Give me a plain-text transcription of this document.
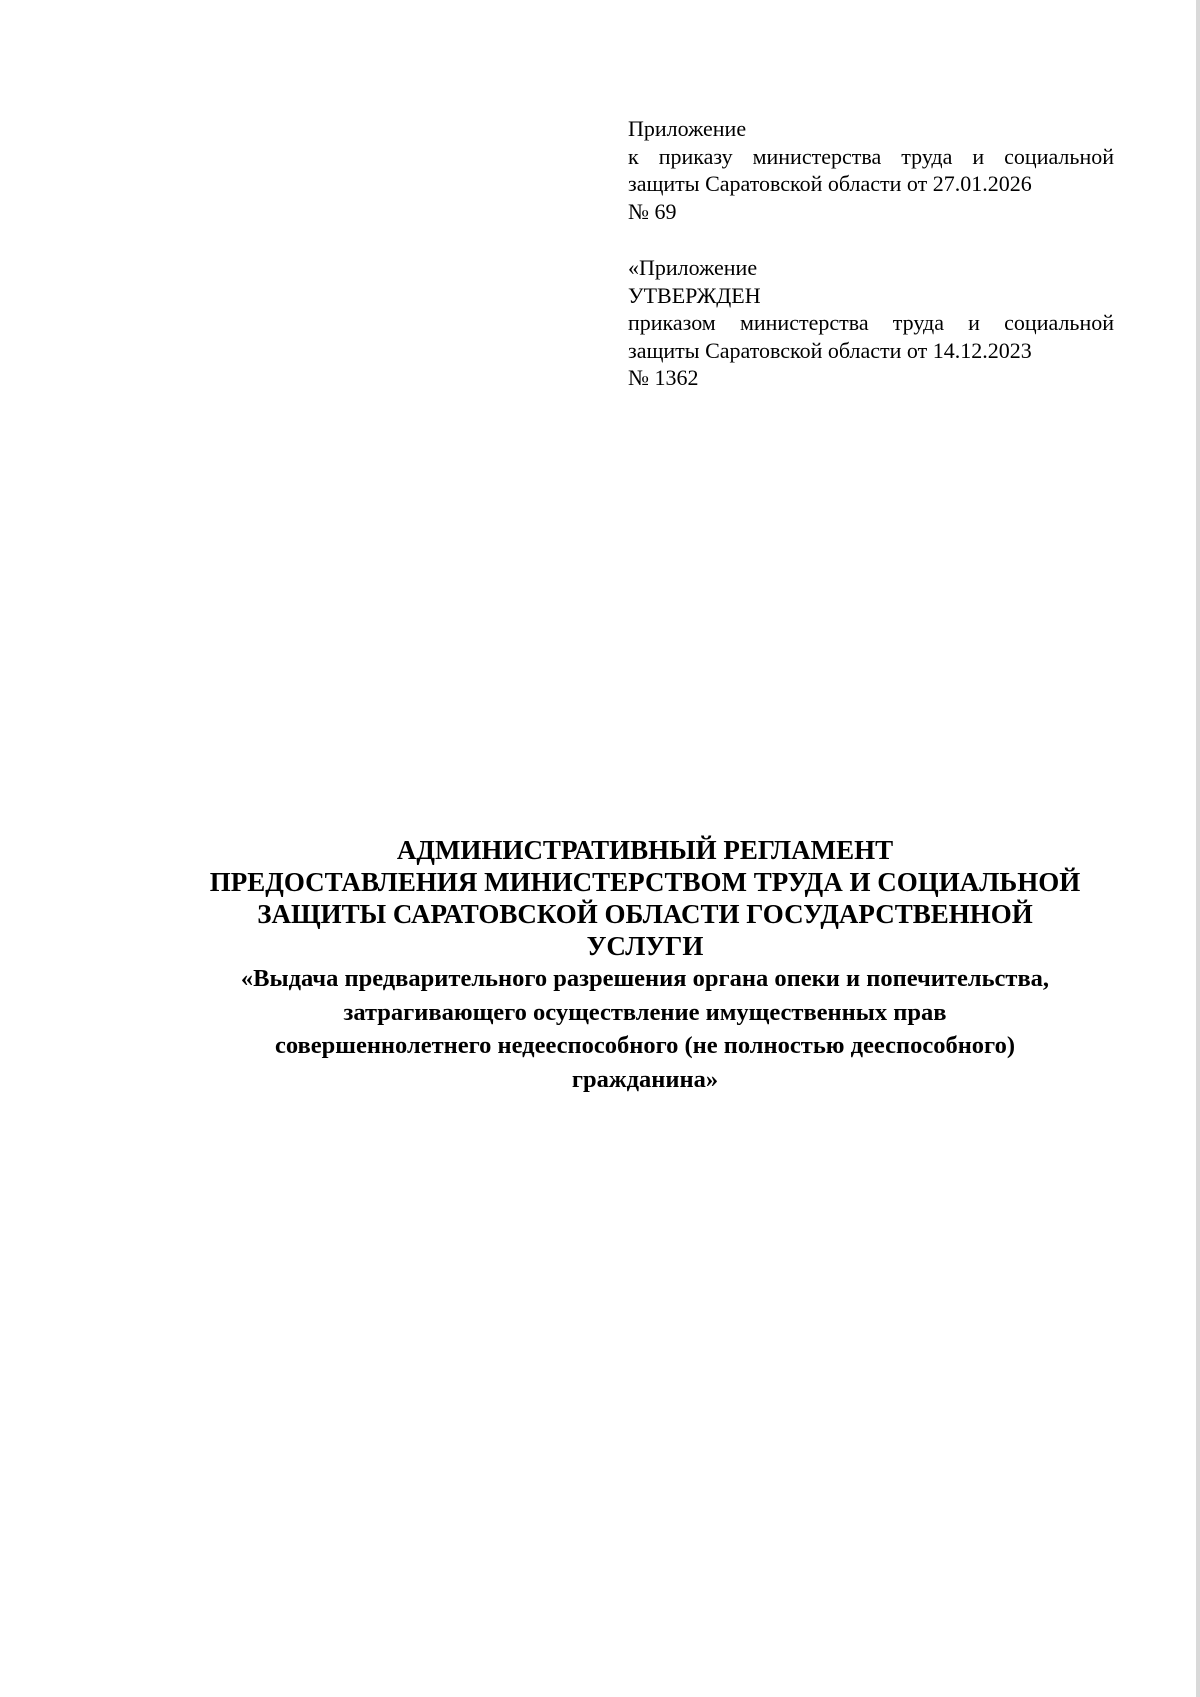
Приложение

к приказу министерства труда и социальной защиты Саратовской области от 27.01.2026

№ 69

«Приложение

УТВЕРЖДЕН

приказом министерства труда и социальной защиты Саратовской области от 14.12.2023

№ 1362

АДМИНИСТРАТИВНЫЙ РЕГЛАМЕНТ
ПРЕДОСТАВЛЕНИЯ МИНИСТЕРСТВОМ ТРУДА И СОЦИАЛЬНОЙ
ЗАЩИТЫ САРАТОВСКОЙ ОБЛАСТИ ГОСУДАРСТВЕННОЙ
УСЛУГИ
«Выдача предварительного разрешения органа опеки и попечительства,
затрагивающего осуществление имущественных прав
совершеннолетнего недееспособного (не полностью дееспособного)
гражданина»
